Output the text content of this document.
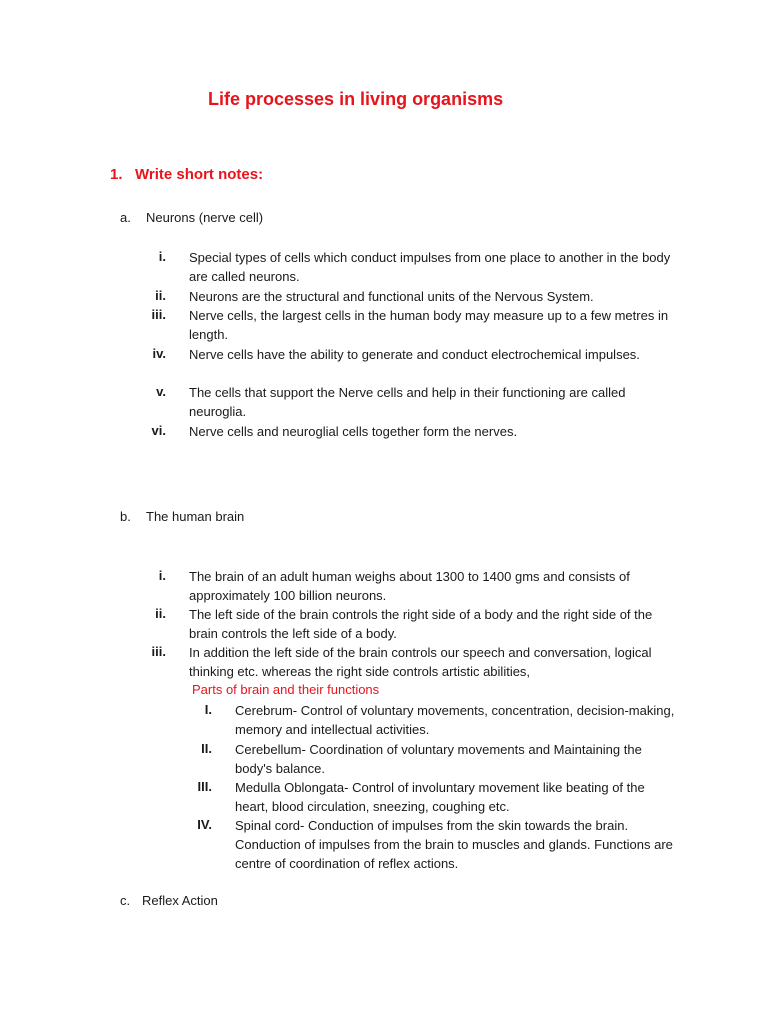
Life processes in living organisms
1. Write short notes:
a. Neurons (nerve cell)
i. Special types of cells which conduct impulses from one place to another in the body are called neurons.
ii. Neurons are the structural and functional units of the Nervous System.
iii. Nerve cells, the largest cells in the human body may measure up to a few metres in length.
iv. Nerve cells have the ability to generate and conduct electrochemical impulses.
v. The cells that support the Nerve cells and help in their functioning are called neuroglia.
vi. Nerve cells and neuroglial cells together form the nerves.
b. The human brain
i. The brain of an adult human weighs about 1300 to 1400 gms and consists of approximately 100 billion neurons.
ii. The left side of the brain controls the right side of a body and the right side of the brain controls the left side of a body.
iii. In addition the left side of the brain controls our speech and conversation, logical thinking etc. whereas the right side controls artistic abilities,
Parts of brain and their functions
I. Cerebrum- Control of voluntary movements, concentration, decision-making, memory and intellectual activities.
II. Cerebellum- Coordination of voluntary movements and Maintaining the body's balance.
III. Medulla Oblongata- Control of involuntary movement like beating of the heart, blood circulation, sneezing, coughing etc.
IV. Spinal cord- Conduction of impulses from the skin towards the brain. Conduction of impulses from the brain to muscles and glands. Functions are centre of coordination of reflex actions.
c. Reflex Action
